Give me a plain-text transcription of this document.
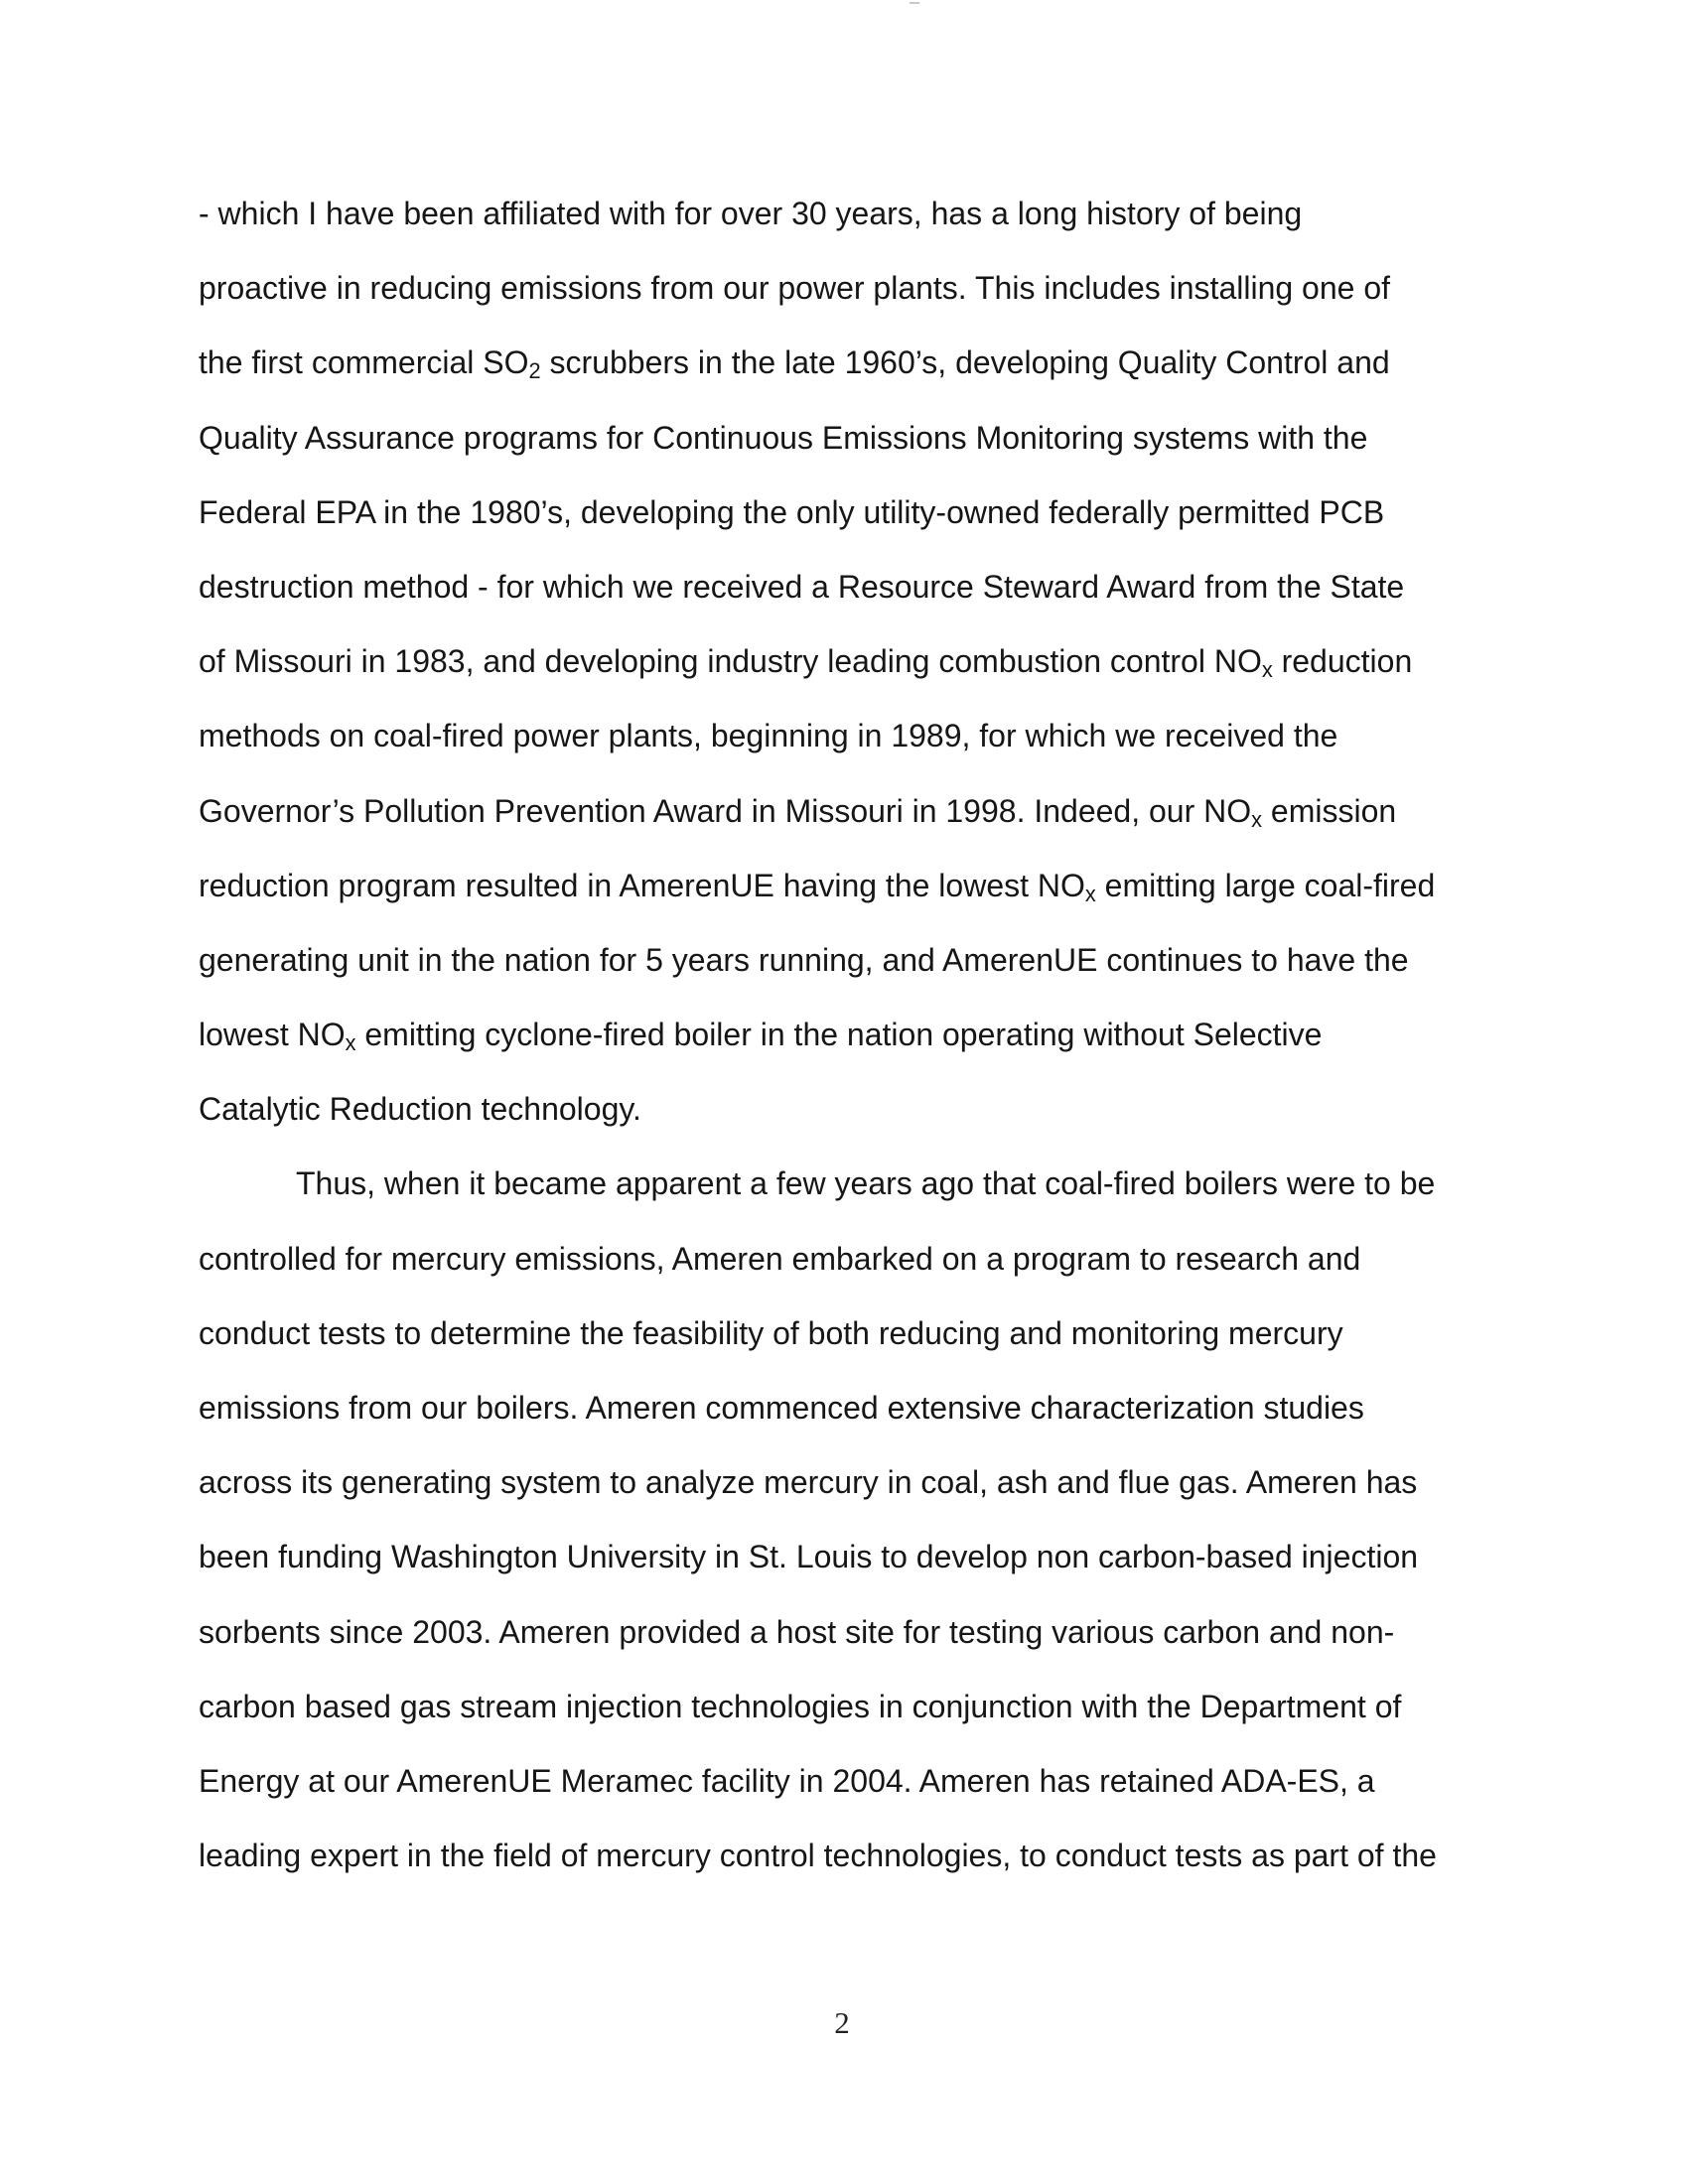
- which I have been affiliated with for over 30 years, has a long history of being
proactive in reducing emissions from our power plants. This includes installing one of
the first commercial $SO_2$ scrubbers in the late 1960’s, developing Quality Control and
Quality Assurance programs for Continuous Emissions Monitoring systems with the
Federal EPA in the 1980’s, developing the only utility-owned federally permitted PCB
destruction method - for which we received a Resource Steward Award from the State
of Missouri in 1983, and developing industry leading combustion control $NO_x$ reduction
methods on coal-fired power plants, beginning in 1989, for which we received the
Governor’s Pollution Prevention Award in Missouri in 1998. Indeed, our $NO_x$ emission
reduction program resulted in AmerenUE having the lowest $NO_x$ emitting large coal-fired
generating unit in the nation for 5 years running, and AmerenUE continues to have the
lowest $NO_x$ emitting cyclone-fired boiler in the nation operating without Selective
Catalytic Reduction technology.

Thus, when it became apparent a few years ago that coal-fired boilers were to be
controlled for mercury emissions, Ameren embarked on a program to research and
conduct tests to determine the feasibility of both reducing and monitoring mercury
emissions from our boilers. Ameren commenced extensive characterization studies
across its generating system to analyze mercury in coal, ash and flue gas. Ameren has
been funding Washington University in St. Louis to develop non carbon-based injection
sorbents since 2003. Ameren provided a host site for testing various carbon and non-
carbon based gas stream injection technologies in conjunction with the Department of
Energy at our AmerenUE Meramec facility in 2004. Ameren has retained ADA-ES, a
leading expert in the field of mercury control technologies, to conduct tests as part of the

2
